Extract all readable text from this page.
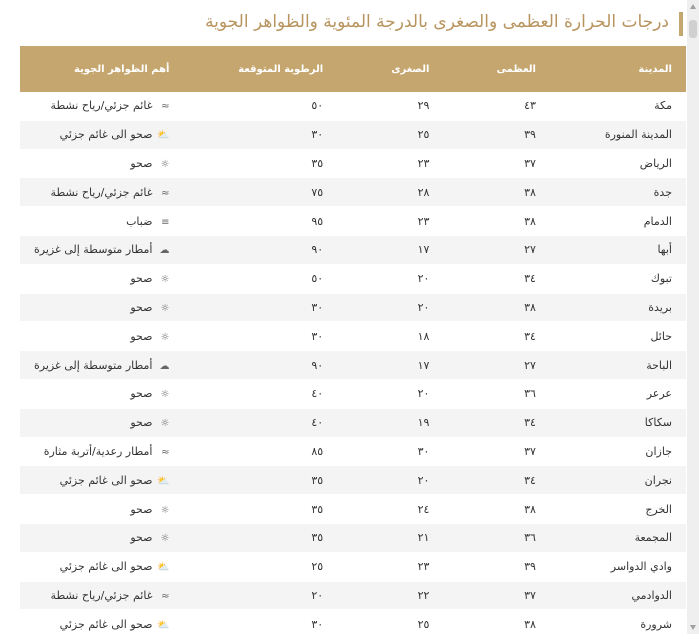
درجات الحرارة العظمى والصغرى بالدرجة المئوية والظواهر الجوية
المدينة	العظمى	الصغرى	الرطوبة المتوقعة	أهم الظواهر الجوية
مكة	٤٣	٢٩	٥٠	≈غائم جزئي/رياح نشطة
المدينة المنورة	٣٩	٢٥	٣٠	⛅صحو الى غائم جزئي
الرياض	٣٧	٢٣	٣٥	☼صحو
جدة	٣٨	٢٨	٧٥	≈غائم جزئي/رياح نشطة
الدمام	٣٨	٢٣	٩٥	≡ضباب
أبها	٢٧	١٧	٩٠	☁أمطار متوسطة إلى غزيرة
تبوك	٣٤	٢٠	٥٠	☼صحو
بريدة	٣٨	٢٠	٣٠	☼صحو
حائل	٣٤	١٨	٣٠	☼صحو
الباحة	٢٧	١٧	٩٠	☁أمطار متوسطة إلى غزيرة
عرعر	٣٦	٢٠	٤٠	☼صحو
سكاكا	٣٤	١٩	٤٠	☼صحو
جازان	٣٧	٣٠	٨٥	≈أمطار رعدية/أتربة مثارة
نجران	٣٤	٢٠	٣٥	⛅صحو الى غائم جزئي
الخرج	٣٨	٢٤	٣٥	☼صحو
المجمعة	٣٦	٢١	٣٥	☼صحو
وادي الدواسر	٣٩	٢٣	٢٥	⛅صحو الى غائم جزئي
الدوادمي	٣٧	٢٢	٢٠	≈غائم جزئي/رياح نشطة
شرورة	٣٨	٢٥	٣٠	⛅صحو الى غائم جزئي
